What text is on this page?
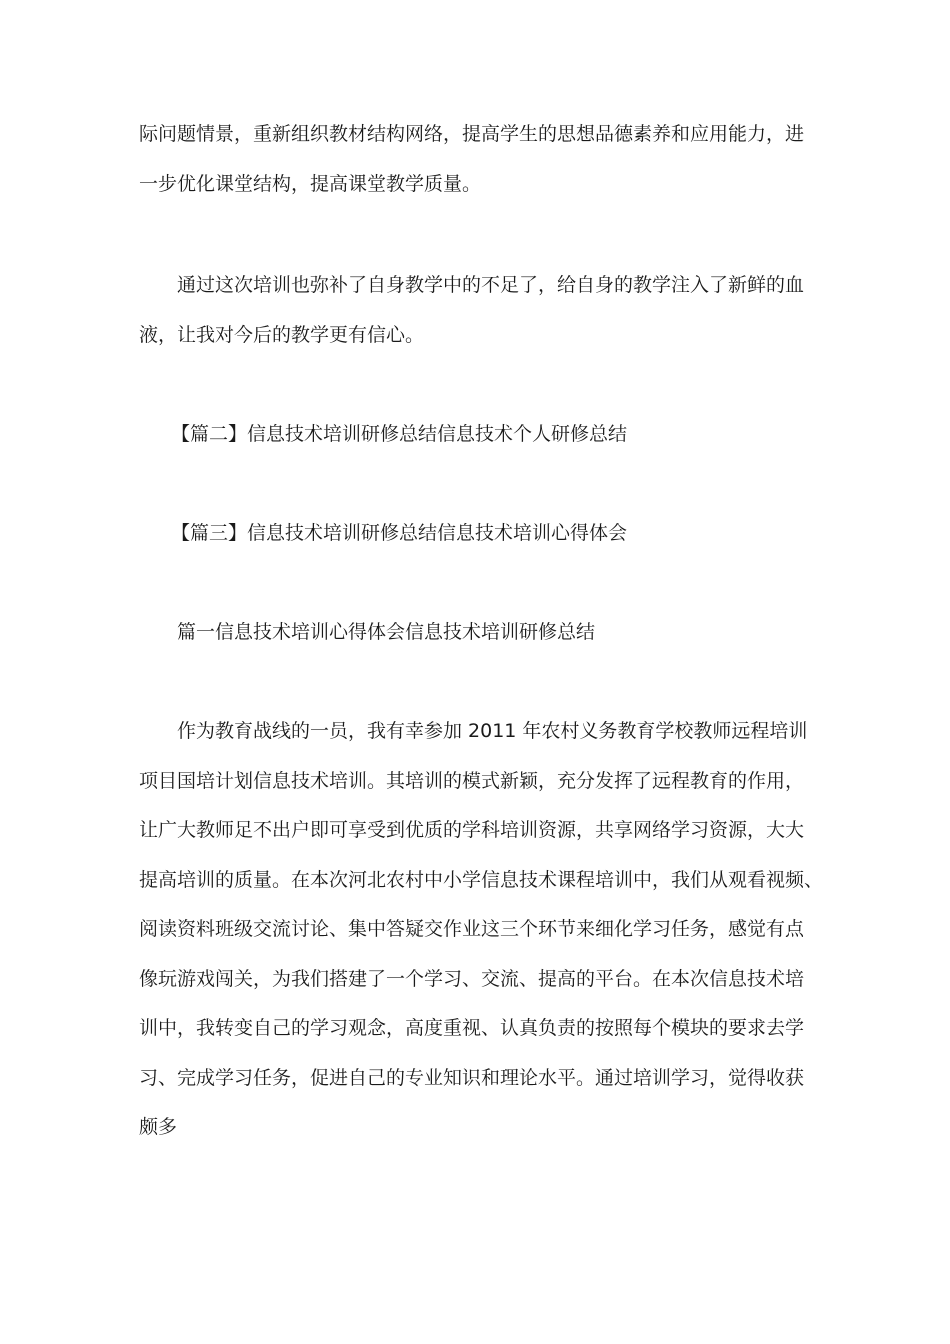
际问题情景，重新组织教材结构网络，提高学生的思想品德素养和应用能力，进
一步优化课堂结构，提高课堂教学质量。
通过这次培训也弥补了自身教学中的不足了，给自身的教学注入了新鲜的血
液，让我对今后的教学更有信心。
【篇二】信息技术培训研修总结信息技术个人研修总结
【篇三】信息技术培训研修总结信息技术培训心得体会
篇一信息技术培训心得体会信息技术培训研修总结
作为教育战线的一员，我有幸参加 2011 年农村义务教育学校教师远程培训
项目国培计划信息技术培训。其培训的模式新颖，充分发挥了远程教育的作用，
让广大教师足不出户即可享受到优质的学科培训资源，共享网络学习资源，大大
提高培训的质量。在本次河北农村中小学信息技术课程培训中，我们从观看视频、
阅读资料班级交流讨论、集中答疑交作业这三个环节来细化学习任务，感觉有点
像玩游戏闯关，为我们搭建了一个学习、交流、提高的平台。在本次信息技术培
训中，我转变自己的学习观念，高度重视、认真负责的按照每个模块的要求去学
习、完成学习任务，促进自己的专业知识和理论水平。通过培训学习，觉得收获
颇多
